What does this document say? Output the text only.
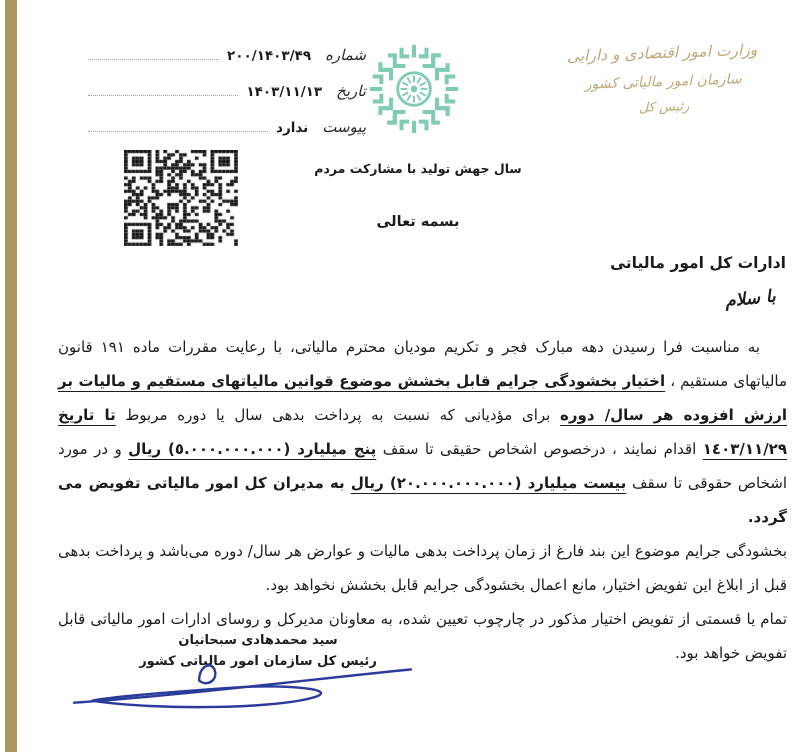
شماره
۲۰۰/۱۴۰۳/۴۹
تاریخ
۱۴۰۳/۱۱/۱۳
پیوست
ندارد
وزارت امور اقتصادی و دارایی
سازمان امور مالیاتی کشور
رئیس کل
سال جهش تولید با مشارکت مردم
بسمه تعالی
ادارات کل امور مالیاتی
با سلام

به مناسبت فرا رسیدن دهه مبارک فجر و تکریم مودیان محترم مالیاتی، با رعایت مقررات ماده ۱۹۱ قانون مالیاتهای مستقیم ، اختیار بخشودگی جرایم قابل بخشش موضوع قوانین مالیاتهای مستقیم و مالیات بر ارزش افزوده هر سال/ دوره برای مؤدیانی که نسبت به پرداخت بدهی سال یا دوره مربوط تا تاریخ ١٤٠٣/١١/٢٩ اقدام نمایند ، درخصوص اشخاص حقیقی تا سقف پنج میلیارد (٥.٠٠٠.٠٠٠.٠٠٠) ریال و در مورد اشخاص حقوقی تا سقف بیست میلیارد (٢٠.٠٠٠.٠٠٠.٠٠٠) ریال به مدیران کل امور مالیاتی تفویض می گردد.

بخشودگی جرایم موضوع این بند فارغ از زمان پرداخت بدهی مالیات و عوارض هر سال/ دوره می‌باشد و پرداخت بدهی قبل از ابلاغ این تفویض اختیار، مانع اعمال بخشودگی جرایم قابل بخشش نخواهد بود.

تمام یا قسمتی از تفویض اختیار مذکور در چارچوب تعیین شده، به معاونان مدیرکل و روسای ادارات امور مالیاتی قابل تفویض خواهد بود.

سید محمدهادی سبحانیان
رئیس کل سازمان امور مالیاتی کشور
